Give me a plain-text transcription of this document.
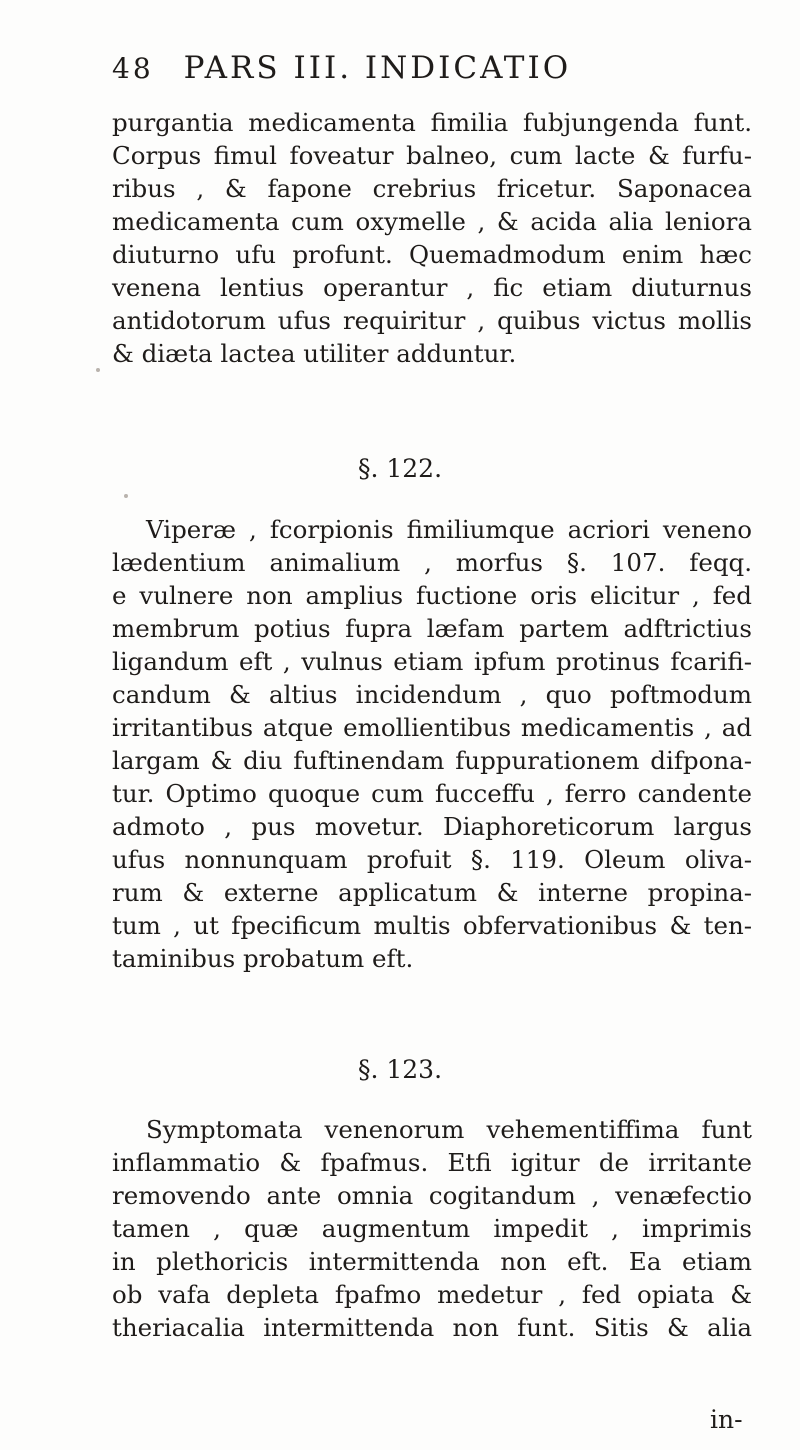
48 PARS III. INDICATIO
purgantia medicamenta fimilia fubjungenda funt.
Corpus fimul foveatur balneo, cum lacte & furfu-
ribus , & fapone crebrius fricetur. Saponacea
medicamenta cum oxymelle , & acida alia leniora
diuturno ufu profunt. Quemadmodum enim hæc
venena lentius operantur , fic etiam diuturnus
antidotorum ufus requiritur , quibus victus mollis
& diæta lactea utiliter adduntur.
§. 122.
Viperæ , fcorpionis fimiliumque acriori veneno
lædentium animalium , morfus §. 107. feqq.
e vulnere non amplius fuctione oris elicitur , fed
membrum potius fupra læfam partem adftrictius
ligandum eft , vulnus etiam ipfum protinus fcarifi-
candum & altius incidendum , quo poftmodum
irritantibus atque emollientibus medicamentis , ad
largam & diu fuftinendam fuppurationem difpona-
tur. Optimo quoque cum fucceffu , ferro candente
admoto , pus movetur. Diaphoreticorum largus
ufus nonnunquam profuit §. 119. Oleum oliva-
rum & externe applicatum & interne propina-
tum , ut fpecificum multis obfervationibus & ten-
taminibus probatum eft.
§. 123.
Symptomata venenorum vehementiffima funt
inflammatio & fpafmus. Etfi igitur de irritante
removendo ante omnia cogitandum , venæfectio
tamen , quæ augmentum impedit , imprimis
in plethoricis intermittenda non eft. Ea etiam
ob vafa depleta fpafmo medetur , fed opiata &
theriacalia intermittenda non funt. Sitis & alia
in-
